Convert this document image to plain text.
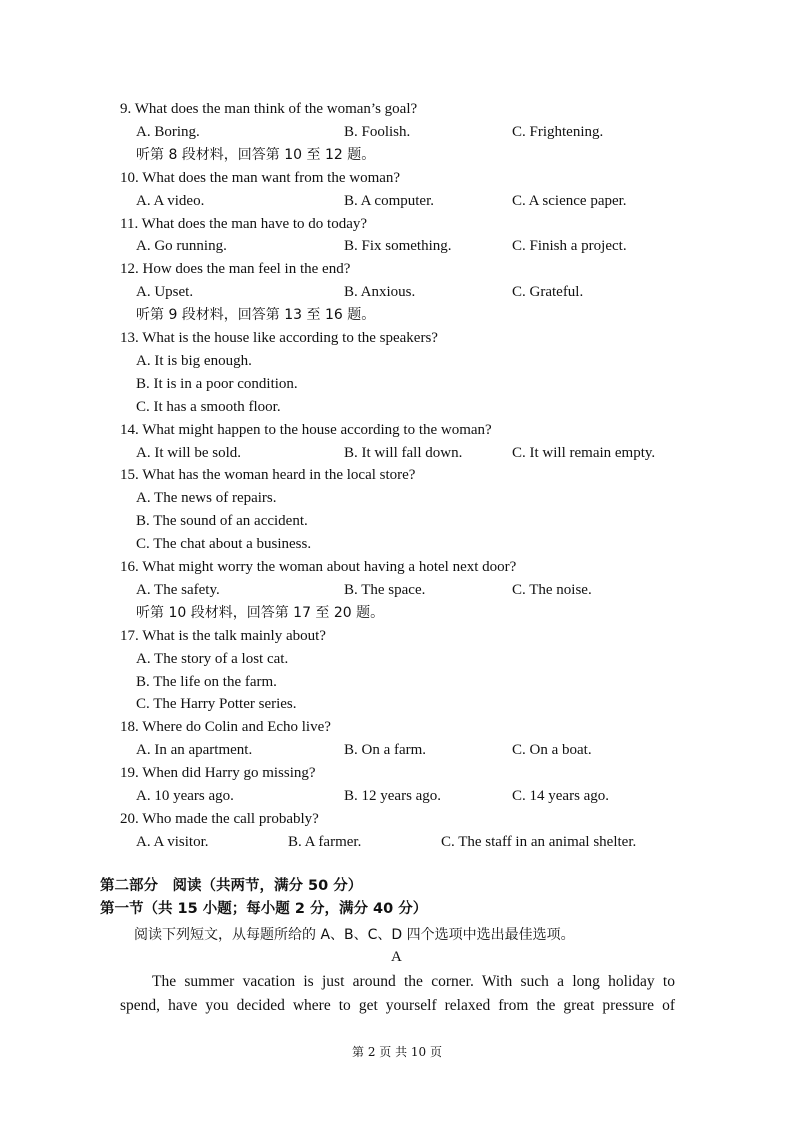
9. What does the man think of the woman’s goal?
A. Boring.	B. Foolish.	C. Frightening.
听第 8 段材料，回答第 10 至 12 题。
10. What does the man want from the woman?
A. A video.	B. A computer.	C. A science paper.
11. What does the man have to do today?
A. Go running.	B. Fix something.	C. Finish a project.
12. How does the man feel in the end?
A. Upset.	B. Anxious.	C. Grateful.
听第 9 段材料，回答第 13 至 16 题。
13. What is the house like according to the speakers?
A. It is big enough.
B. It is in a poor condition.
C. It has a smooth floor.
14. What might happen to the house according to the woman?
A. It will be sold.	B. It will fall down.	C. It will remain empty.
15. What has the woman heard in the local store?
A. The news of repairs.
B. The sound of an accident.
C. The chat about a business.
16. What might worry the woman about having a hotel next door?
A. The safety.	B. The space.	C. The noise.
听第 10 段材料，回答第 17 至 20 题。
17. What is the talk mainly about?
A. The story of a lost cat.
B. The life on the farm.
C. The Harry Potter series.
18. Where do Colin and Echo live?
A. In an apartment.	B. On a farm.	C. On a boat.
19. When did Harry go missing?
A. 10 years ago.	B. 12 years ago.	C. 14 years ago.
20. Who made the call probably?
A. A visitor.	B. A farmer.	C. The staff in an animal shelter.
第二部分　阅读（共两节，满分 50 分）
第一节（共 15 小题；每小题 2 分，满分 40 分）
阅读下列短文，从每题所给的 A、B、C、D 四个选项中选出最佳选项。
A
The summer vacation is just around the corner. With such a long holiday to
spend, have you decided where to get yourself relaxed from the great pressure of
第 2 页 共 10 页
